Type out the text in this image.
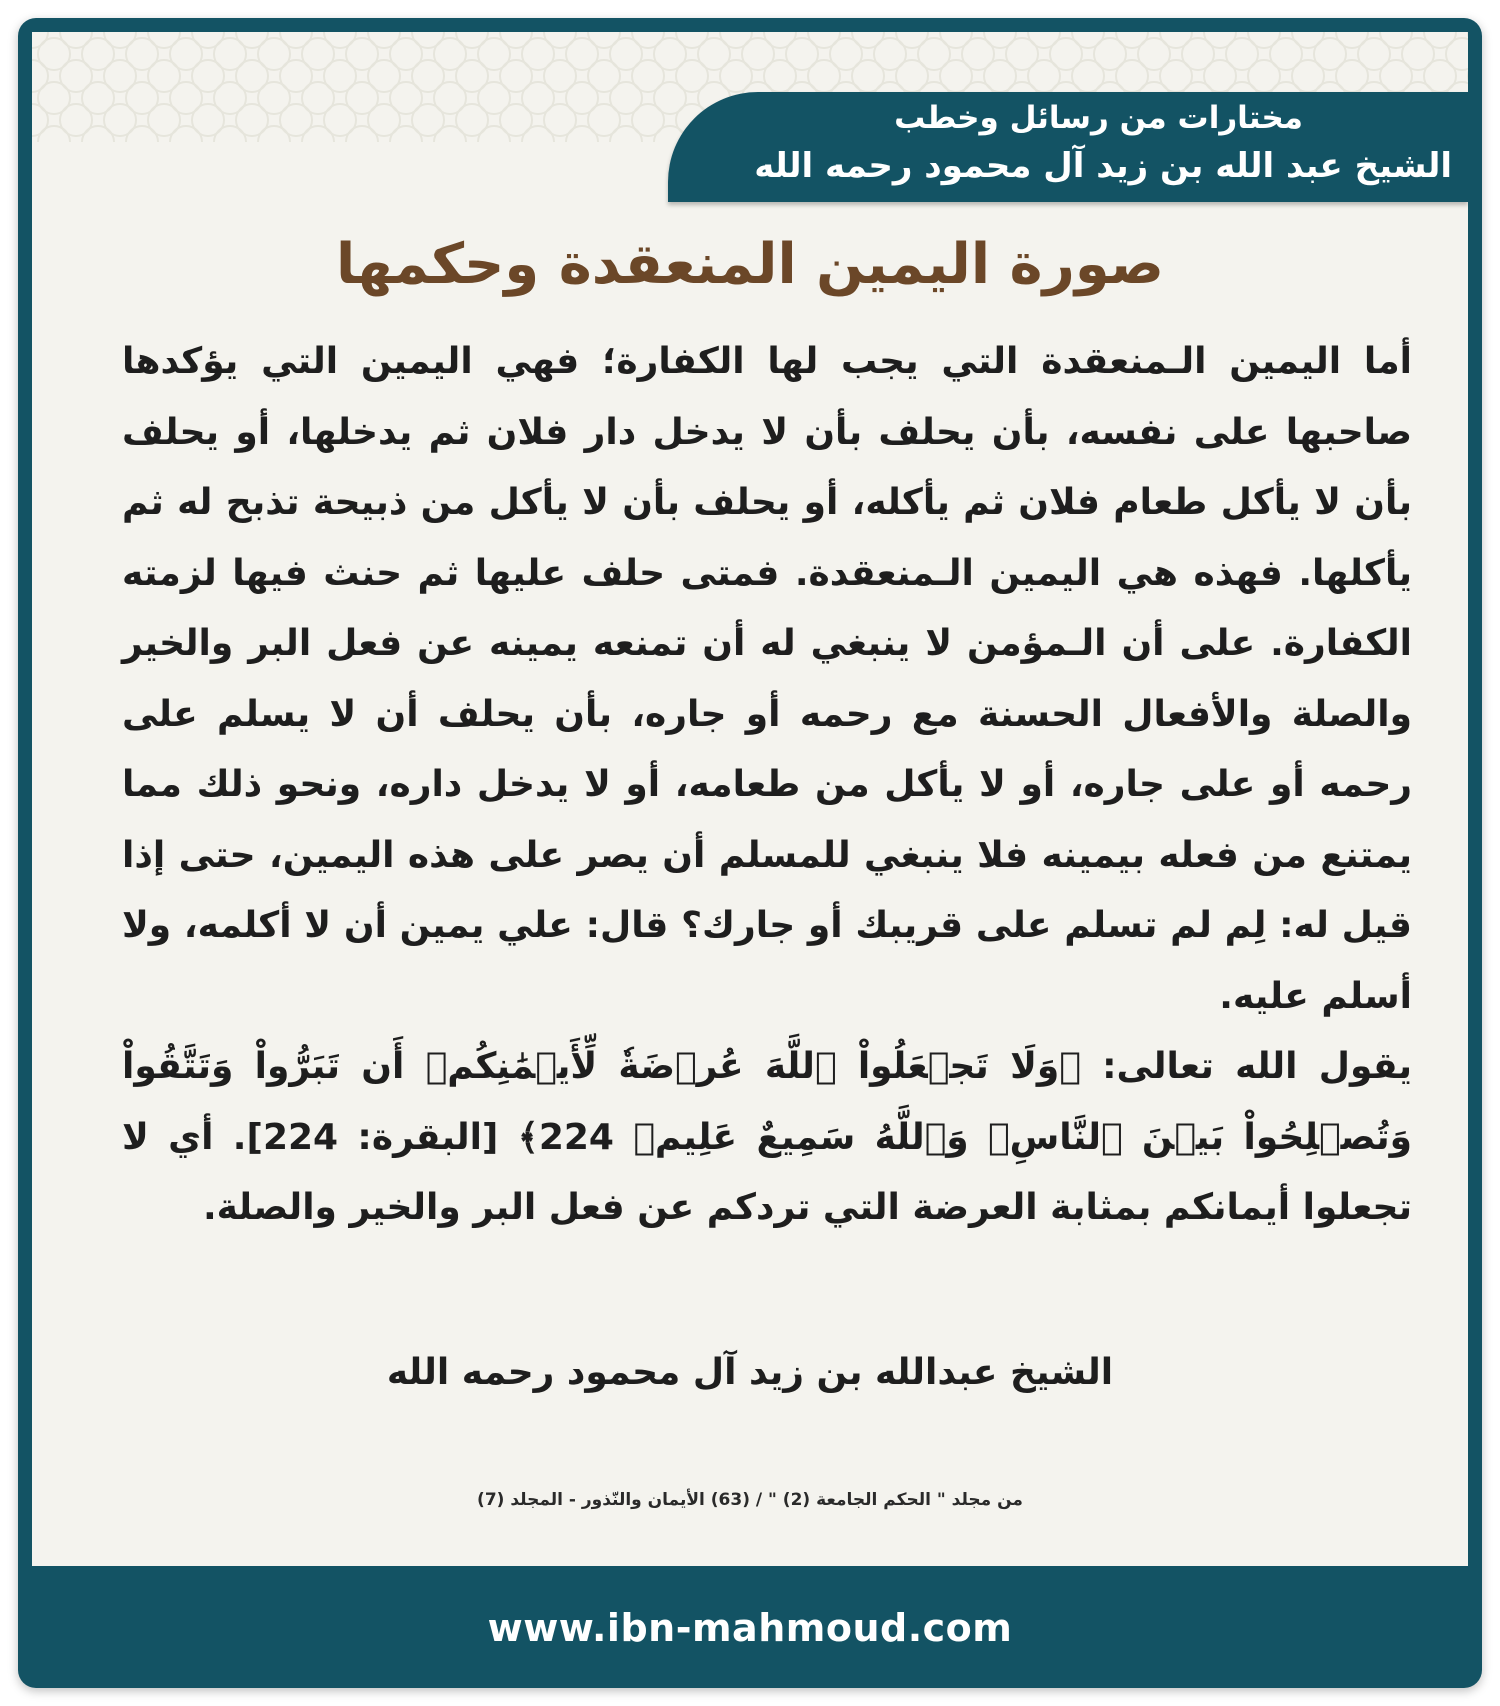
مختارات من رسائل وخطب
الشيخ عبد الله بن زيد آل محمود رحمه الله
صورة اليمين المنعقدة وحكمها

أما اليمين الـمنعقدة التي يجب لها الكفارة؛ فهي اليمين التي يؤكدها صاحبها على نفسه، بأن يحلف بأن لا يدخل دار فلان ثم يدخلها، أو يحلف بأن لا يأكل طعام فلان ثم يأكله، أو يحلف بأن لا يأكل من ذبيحة تذبح له ثم يأكلها. فهذه هي اليمين الـمنعقدة. فمتى حلف عليها ثم حنث فيها لزمته الكفارة. على أن الـمؤمن لا ينبغي له أن تمنعه يمينه عن فعل البر والخير والصلة والأفعال الحسنة مع رحمه أو جاره، بأن يحلف أن لا يسلم على رحمه أو على جاره، أو لا يأكل من طعامه، أو لا يدخل داره، ونحو ذلك مما يمتنع من فعله بيمينه فلا ينبغي للمسلم أن يصر على هذه اليمين، حتى إذا قيل له: لِم لم تسلم على قريبك أو جارك؟ قال: علي يمين أن لا أكلمه، ولا أسلم عليه.

يقول الله تعالى: ﴿وَلَا تَجۡعَلُواْ ٱللَّهَ عُرۡضَةٗ لِّأَيۡمَٰنِكُمۡ أَن تَبَرُّواْ وَتَتَّقُواْ وَتُصۡلِحُواْ بَيۡنَ ٱلنَّاسِۚ وَٱللَّهُ سَمِيعٌ عَلِيمٞ 224﴾ [البقرة: 224]. أي لا تجعلوا أيمانكم بمثابة العرضة التي تردكم عن فعل البر والخير والصلة.

الشيخ عبدالله بن زيد آل محمود رحمه الله
من مجلد " الحكم الجامعة (2) " / (63) الأيمان والنّذور - المجلد (7)
www.ibn-mahmoud.com
